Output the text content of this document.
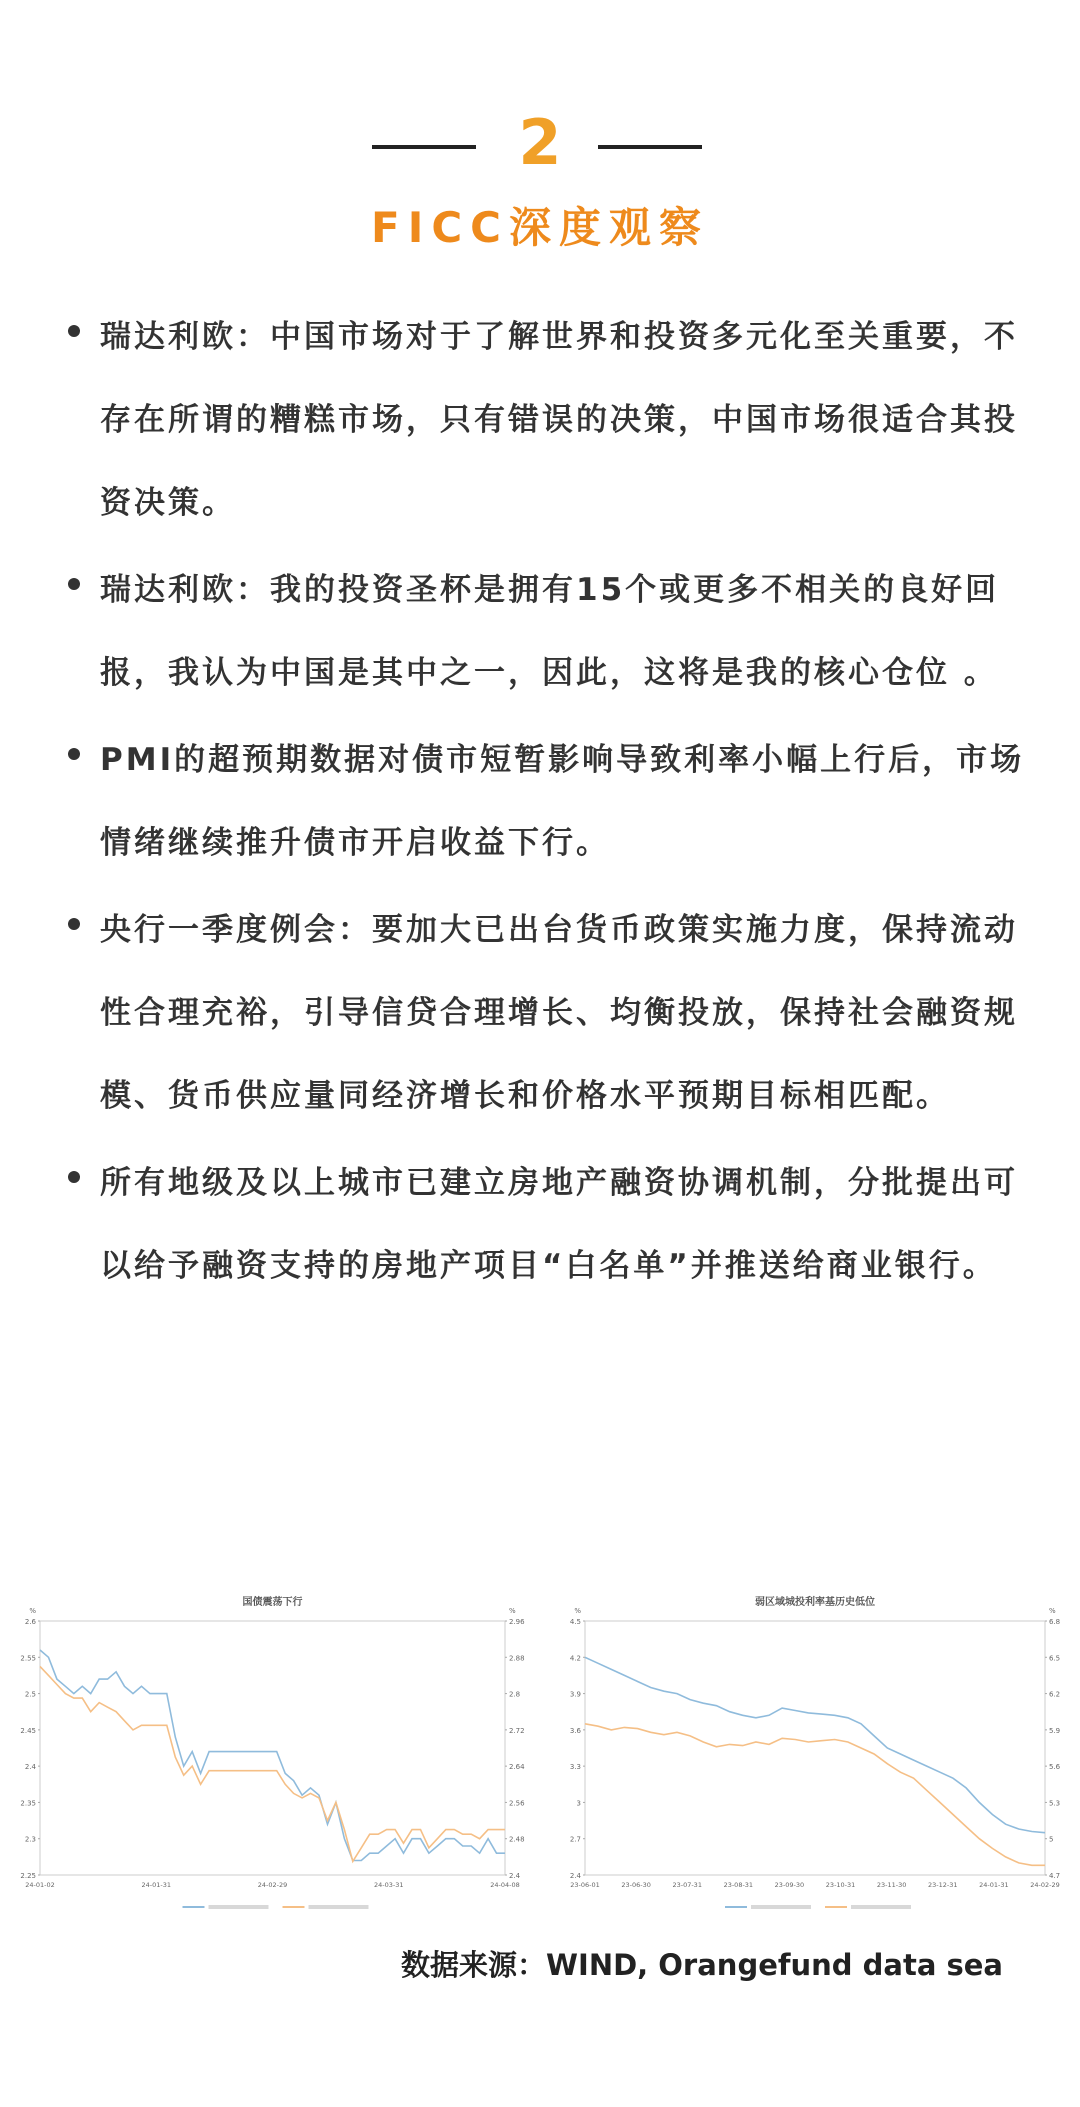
2
FICC深度观察
瑞达利欧：中国市场对于了解世界和投资多元化至关重要，不存在所谓的糟糕市场，只有错误的决策，中国市场很适合其投资决策。
瑞达利欧：我的投资圣杯是拥有15个或更多不相关的良好回报，我认为中国是其中之一，因此，这将是我的核心仓位 。
PMI的超预期数据对债市短暂影响导致利率小幅上行后，市场情绪继续推升债市开启收益下行。
央行一季度例会：要加大已出台货币政策实施力度，保持流动性合理充裕，引导信贷合理增长、均衡投放，保持社会融资规模、货币供应量同经济增长和价格水平预期目标相匹配。
所有地级及以上城市已建立房地产融资协调机制，分批提出可以给予融资支持的房地产项目“白名单”并推送给商业银行。
国债震荡下行
%	%
2.6
2.55
2.5
2.45
2.4
2.35
2.3
2.25
2.96
2.88
2.8
2.72
2.64
2.56
2.48
2.4
24-01-02	24-01-31	24-02-29	24-03-31	24-04-08
弱区域城投利率基历史低位
%	%
4.5
4.2
3.9
3.6
3.3
3
2.7
2.4
6.8
6.5
6.2
5.9
5.6
5.3
5
4.7
23-06-01	23-06-30	23-07-31	23-08-31	23-09-30	23-10-31	23-11-30	23-12-31	24-01-31	24-02-29
数据来源：WIND, Orangefund data sea
